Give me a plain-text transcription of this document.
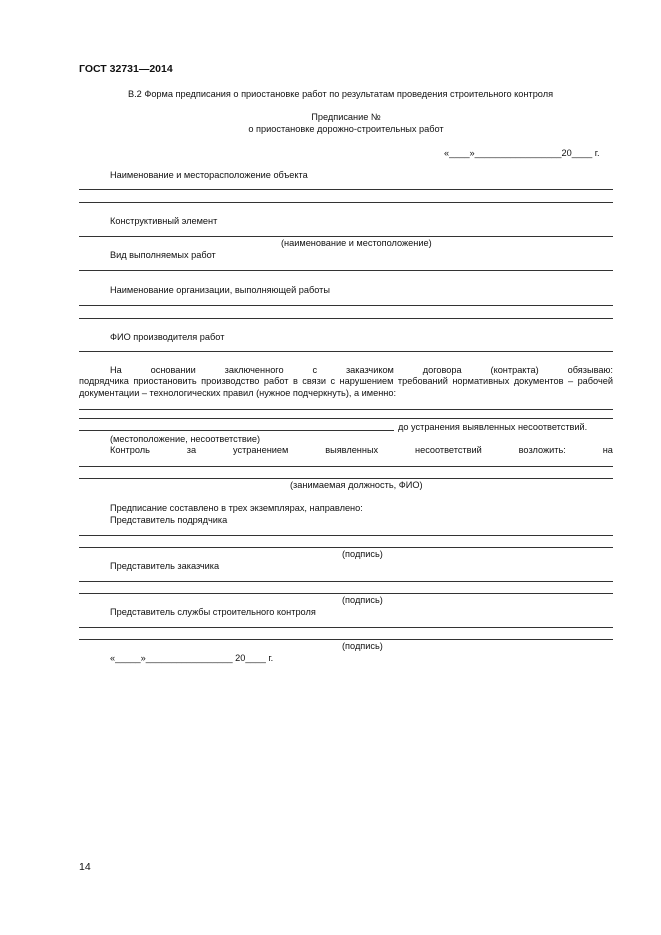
ГОСТ 32731—2014
В.2 Форма предписания о приостановке работ по результатам проведения строительного контроля
Предписание №
о приостановке дорожно-строительных работ
«____»_________________20____ г.
Наименование и месторасположение объекта
Конструктивный элемент
(наименование и местоположение)
Вид выполняемых работ
Наименование организации, выполняющей работы
ФИО производителя работ
На	основании	заключенного	с	заказчиком	договора	(контракта)	обязываю:
подрядчика приостановить производство работ в связи с нарушением требований нормативных документов – рабочей документации – технологических правил (нужное подчеркнуть), а именно:
до устранения выявленных несоответствий.
(местоположение, несоответствие)
Контроль	за	устранением	выявленных	несоответствий	возложить:	на
(занимаемая должность, ФИО)
Предписание составлено в трех экземплярах, направлено:
Представитель подрядчика
(подпись)
Представитель заказчика
(подпись)
Представитель службы строительного контроля
(подпись)
«_____»_________________ 20____ г.
14
